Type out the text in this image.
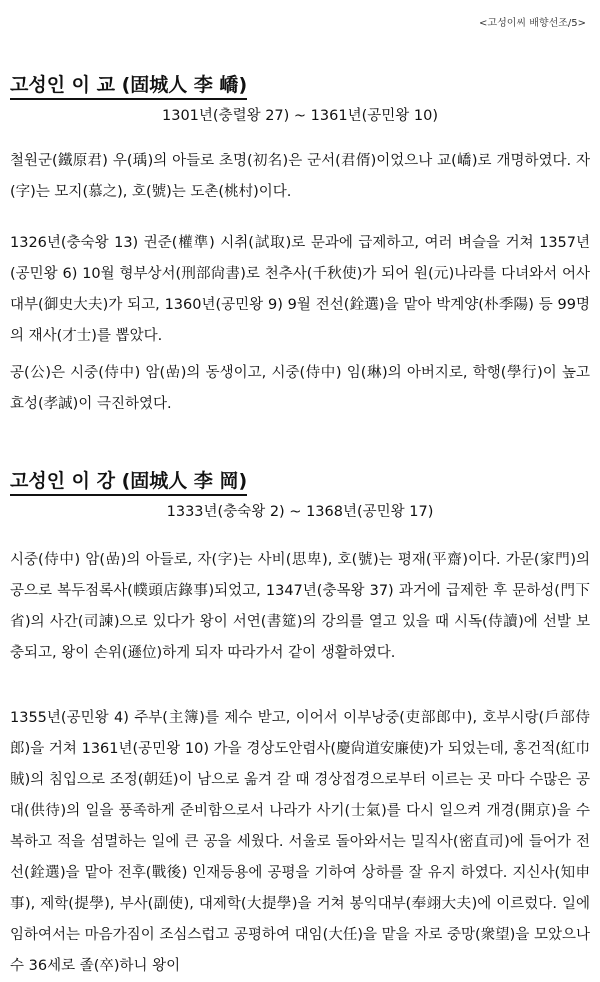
<고성이씨 배향선조/5>
고성인 이 교 (固城人 李 嶠)
1301년(충렬왕 27) ~ 1361년(공민왕 10)
철원군(鐵原君) 우(瑀)의 아들로 초명(初名)은 군서(君偦)이었으나 교(嶠)로 개명하였다. 자(字)는 모지(慕之), 호(號)는 도촌(桃村)이다.
1326년(충숙왕 13) 권준(權準) 시취(試取)로 문과에 급제하고, 여러 벼슬을 거쳐 1357년(공민왕 6) 10월 형부상서(刑部尙書)로 천추사(千秋使)가 되어 원(元)나라를 다녀와서 어사대부(御史大夫)가 되고, 1360년(공민왕 9) 9월 전선(銓選)을 맡아 박계양(朴季陽) 등 99명의 재사(才士)를 뽑았다.
공(公)은 시중(侍中) 암(嵒)의 동생이고, 시중(侍中) 임(琳)의 아버지로, 학행(學行)이 높고 효성(孝誠)이 극진하였다.
고성인 이 강 (固城人 李 岡)
1333년(충숙왕 2) ~ 1368년(공민왕 17)
시중(侍中) 암(嵒)의 아들로, 자(字)는 사비(思卑), 호(號)는 평재(平齋)이다. 가문(家門)의 공으로 복두점록사(幞頭店錄事)되었고, 1347년(충목왕 37) 과거에 급제한 후 문하성(門下省)의 사간(司諫)으로 있다가 왕이 서연(書筵)의 강의를 열고 있을 때 시독(侍讀)에 선발 보충되고, 왕이 손위(遜位)하게 되자 따라가서 같이 생활하였다.
1355년(공민왕 4) 주부(主簿)를 제수 받고, 이어서 이부낭중(吏部郎中), 호부시랑(戶部侍郎)을 거쳐 1361년(공민왕 10) 가을 경상도안렴사(慶尙道安廉使)가 되었는데, 홍건적(紅巾賊)의 침입으로 조정(朝廷)이 남으로 옮겨 갈 때 경상접경으로부터 이르는 곳 마다 수많은 공대(供待)의 일을 풍족하게 준비함으로서 나라가 사기(士氣)를 다시 일으켜 개경(開京)을 수복하고 적을 섬멸하는 일에 큰 공을 세웠다. 서울로 돌아와서는 밀직사(密直司)에 들어가 전선(銓選)을 맡아 전후(戰後) 인재등용에 공평을 기하여 상하를 잘 유지 하였다. 지신사(知申事), 제학(提學), 부사(副使), 대제학(大提學)을 거쳐 봉익대부(奉翊大夫)에 이르렀다. 일에 임하여서는 마음가짐이 조심스럽고 공평하여 대임(大任)을 맡을 자로 중망(衆望)을 모았으나 수 36세로 졸(卒)하니 왕이
